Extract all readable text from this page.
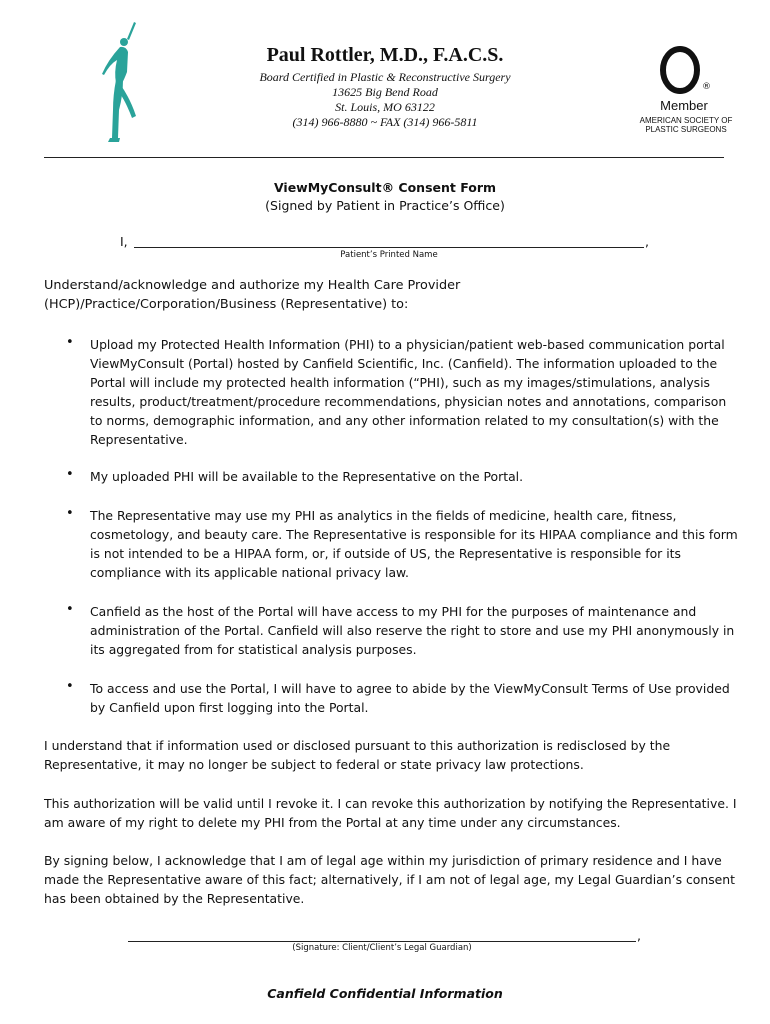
Paul Rottler, M.D., F.A.C.S.
Board Certified in Plastic & Reconstructive Surgery
13625 Big Bend Road
St. Louis, MO 63122
(314) 966-8880 ~ FAX (314) 966-5811
®
Member
AMERICAN SOCIETY OF
PLASTIC SURGEONS
ViewMyConsult® Consent Form
(Signed by Patient in Practice’s Office)
I,	,
Patient’s Printed Name
Understand/acknowledge and authorize my Health Care Provider (HCP)/Practice/Corporation/Business (Representative) to:
• Upload my Protected Health Information (PHI) to a physician/patient web-based communication portal ViewMyConsult (Portal) hosted by Canfield Scientific, Inc. (Canfield). The information uploaded to the Portal will include my protected health information (“PHI), such as my images/stimulations, analysis results, product/treatment/procedure recommendations, physician notes and annotations, comparison to norms, demographic information, and any other information related to my consultation(s) with the Representative.
• My uploaded PHI will be available to the Representative on the Portal.
• The Representative may use my PHI as analytics in the fields of medicine, health care, fitness, cosmetology, and beauty care. The Representative is responsible for its HIPAA compliance and this form is not intended to be a HIPAA form, or, if outside of US, the Representative is responsible for its compliance with its applicable national privacy law.
• Canfield as the host of the Portal will have access to my PHI for the purposes of maintenance and administration of the Portal. Canfield will also reserve the right to store and use my PHI anonymously in its aggregated from for statistical analysis purposes.
• To access and use the Portal, I will have to agree to abide by the ViewMyConsult Terms of Use provided by Canfield upon first logging into the Portal.
I understand that if information used or disclosed pursuant to this authorization is redisclosed by the Representative, it may no longer be subject to federal or state privacy law protections.
This authorization will be valid until I revoke it. I can revoke this authorization by notifying the Representative. I am aware of my right to delete my PHI from the Portal at any time under any circumstances.
By signing below, I acknowledge that I am of legal age within my jurisdiction of primary residence and I have made the Representative aware of this fact; alternatively, if I am not of legal age, my Legal Guardian’s consent has been obtained by the Representative.
,
(Signature: Client/Client’s Legal Guardian)
Canfield Confidential Information
